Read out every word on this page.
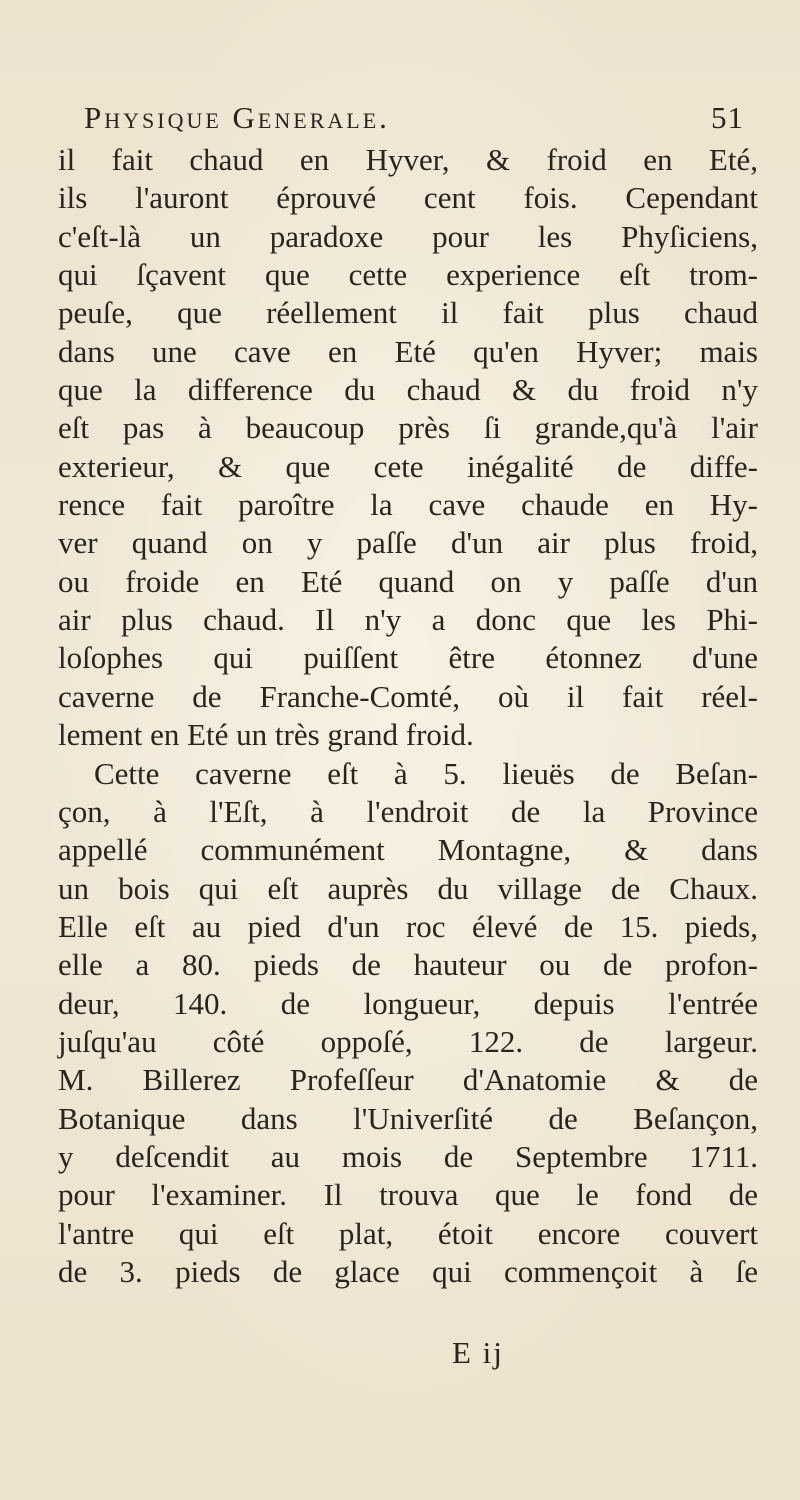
Physique Generale.	51
il fait chaud en Hyver, & froid en Eté,
ils l'auront éprouvé cent fois. Cependant
c'eſt-là un paradoxe pour les Phyſiciens,
qui ſçavent que cette experience eſt trom-
peuſe, que réellement il fait plus chaud
dans une cave en Eté qu'en Hyver; mais
que la difference du chaud & du froid n'y
eſt pas à beaucoup près ſi grande,qu'à l'air
exterieur, & que cete inégalité de diffe-
rence fait paroître la cave chaude en Hy-
ver quand on y paſſe d'un air plus froid,
ou froide en Eté quand on y paſſe d'un
air plus chaud. Il n'y a donc que les Phi-
loſophes qui puiſſent être étonnez d'une
caverne de Franche-Comté, où il fait réel-
lement en Eté un très grand froid.
Cette caverne eſt à 5. lieuës de Beſan-
çon, à l'Eſt, à l'endroit de la Province
appellé communément Montagne, & dans
un bois qui eſt auprès du village de Chaux.
Elle eſt au pied d'un roc élevé de 15. pieds,
elle a 80. pieds de hauteur ou de profon-
deur, 140. de longueur, depuis l'entrée
juſqu'au côté oppoſé, 122. de largeur.
M. Billerez Profeſſeur d'Anatomie & de
Botanique dans l'Univerſité de Beſançon,
y deſcendit au mois de Septembre 1711.
pour l'examiner. Il trouva que le fond de
l'antre qui eſt plat, étoit encore couvert
de 3. pieds de glace qui commençoit à ſe
E ij
